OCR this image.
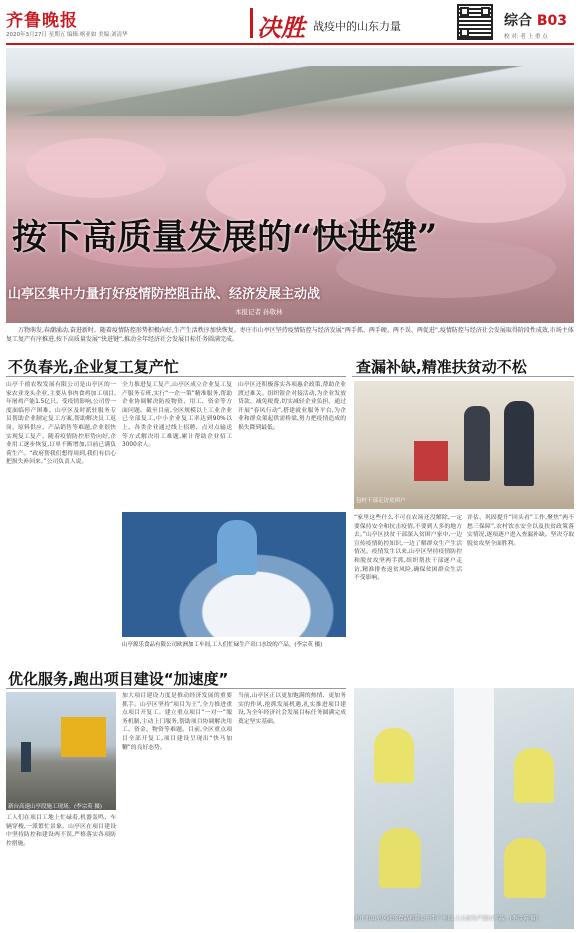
齐鲁晚报
2020年3月27日 星期五 编辑:喀亚如 美编:刘清华	决胜 战疫中的山东力量	综合 B03
校 对: 者 上 重 点
按下高质量发展的“快进键”
山亭区集中力量打好疫情防控阻击战、经济发展主动战
本报记者 孙敬林

万物萌发,春潮涌动,奋进新时。随着疫情防控形势积极向好,生产生活秩序加快恢复。枣庄市山亭区坚持疫情防控与经济发展“两手抓、两手硬、两不误、两促进”,疫情防控与经济社会发展取得阶段性成效,市场主体复工复产有序推进,按下高质量发展“快进键”,推动全年经济社会发展目标任务圆满完成。

不负春光,企业复工复产忙

山亭千禧农牧发展有限公司是山亭区的一家农业龙头企业,主要从事肉食鸡加工项目,年屠鸡产能1.5亿只。受疫情影响,公司曾一度面临停产困难。山亭区及时派驻服务专员帮助企业制定复工方案,帮助解决员工返岗、原料供应、产品销售等难题,企业很快实现复工复产。随着疫情防控形势向好,企业用工逐步恢复,订单不断增加,目前已满负荷生产。“政府帮我们想得周到,我们有信心把损失补回来。”公司负责人说。

全力推进复工复产,山亭区成立企业复工复产服务专班,实行“一企一策”精准服务,帮助企业协调解决防疫物资、用工、资金等方面问题。截至目前,全区规模以上工业企业已全部复工,中小企业复工率达到90%以上。各类企业通过线上招聘、点对点输送等方式解决用工难题,累计帮助企业招工3000余人。

山亭区还积极落实各项惠企政策,帮助企业渡过难关。组织银企对接活动,为企业发放贷款、减免税费,切实减轻企业负担。通过开展“春风行动”,搭建就业服务平台,为企业和群众架起供需桥梁,努力把疫情造成的损失降到最低。

山亭源乐食品有限公司欧洲加工车间,工人们忙碌生产出口水饺的产品。(李宗英 摄)
查漏补缺,精准扶贫动不松
包村干部走访贫困户

“家里这些什么不可在农场还没解除,一定要保持安全和抗击疫情,不要到人多的地方去。”山亭区扶贫干部深入贫困户家中,一边宣传疫情防控知识,一边了解群众生产生活情况。疫情发生以来,山亭区坚持疫情防控和脱贫攻坚两手抓,组织帮扶干部逐户走访,精准排查返贫风险,确保贫困群众生活不受影响。

评估、巩固提升“回头看”工作,聚焦“两不愁三保障”,农村饮水安全以及扶贫政策落实情况,逐项逐户进入查漏补缺。坚决夺取脱贫攻坚全面胜利。

优化服务,跑出项目建设“加速度”
新台高速山亭段施工现场。(李宗英 摄)

工人们在项目工地上忙碌着,机器轰鸣、车辆穿梭,一派繁忙景象。山亭区在项目建设中坚持防控和建设两不误,严格落实各项防控措施。

加大项目建设力度是推动经济发展的重要抓手。山亭区坚持“项目为王”,全力推进重点项目开复工。建立重点项目“一对一”服务机制,主动上门服务,帮助项目协调解决用工、资金、物资等难题。目前,全区重点项目全部开复工,项目建设呈现出“快马加鞭”的良好态势。

当前,山亭区正以更加饱满的热情、更加务实的作风,抢抓发展机遇,扎实推进项目建设,为全年经济社会发展目标任务圆满完成奠定坚实基础。

枣庄市山亭区欧乐食品有限公司生产车间,工人在生产出口产品。(李宗英 摄)
